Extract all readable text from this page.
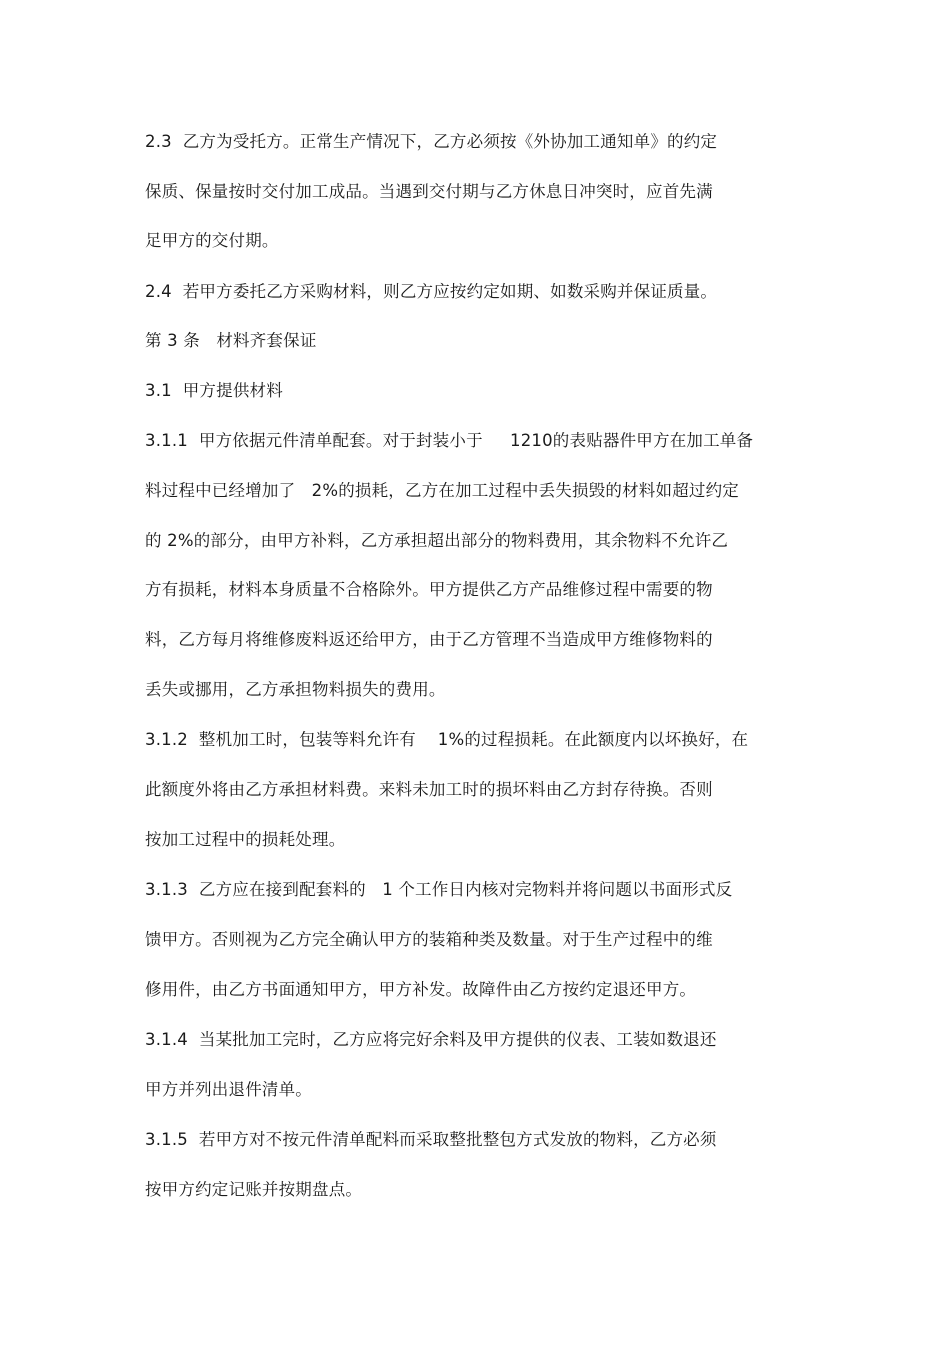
2.3  乙方为受托方。正常生产情况下，乙方必须按《外协加工通知单》的约定
保质、保量按时交付加工成品。当遇到交付期与乙方休息日冲突时，应首先满
足甲方的交付期。
2.4  若甲方委托乙方采购材料，则乙方应按约定如期、如数采购并保证质量。
第 3 条   材料齐套保证
3.1  甲方提供材料
3.1.1  甲方依据元件清单配套。对于封装小于     1210的表贴器件甲方在加工单备
料过程中已经增加了   2%的损耗，乙方在加工过程中丢失损毁的材料如超过约定
的 2%的部分，由甲方补料，乙方承担超出部分的物料费用，其余物料不允许乙
方有损耗，材料本身质量不合格除外。甲方提供乙方产品维修过程中需要的物
料，乙方每月将维修废料返还给甲方，由于乙方管理不当造成甲方维修物料的
丢失或挪用，乙方承担物料损失的费用。
3.1.2  整机加工时，包装等料允许有    1%的过程损耗。在此额度内以坏换好，在
此额度外将由乙方承担材料费。来料未加工时的损坏料由乙方封存待换。否则
按加工过程中的损耗处理。
3.1.3  乙方应在接到配套料的   1 个工作日内核对完物料并将问题以书面形式反
馈甲方。否则视为乙方完全确认甲方的装箱种类及数量。对于生产过程中的维
修用件，由乙方书面通知甲方，甲方补发。故障件由乙方按约定退还甲方。
3.1.4  当某批加工完时，乙方应将完好余料及甲方提供的仪表、工装如数退还
甲方并列出退件清单。
3.1.5  若甲方对不按元件清单配料而采取整批整包方式发放的物料，乙方必须
按甲方约定记账并按期盘点。
